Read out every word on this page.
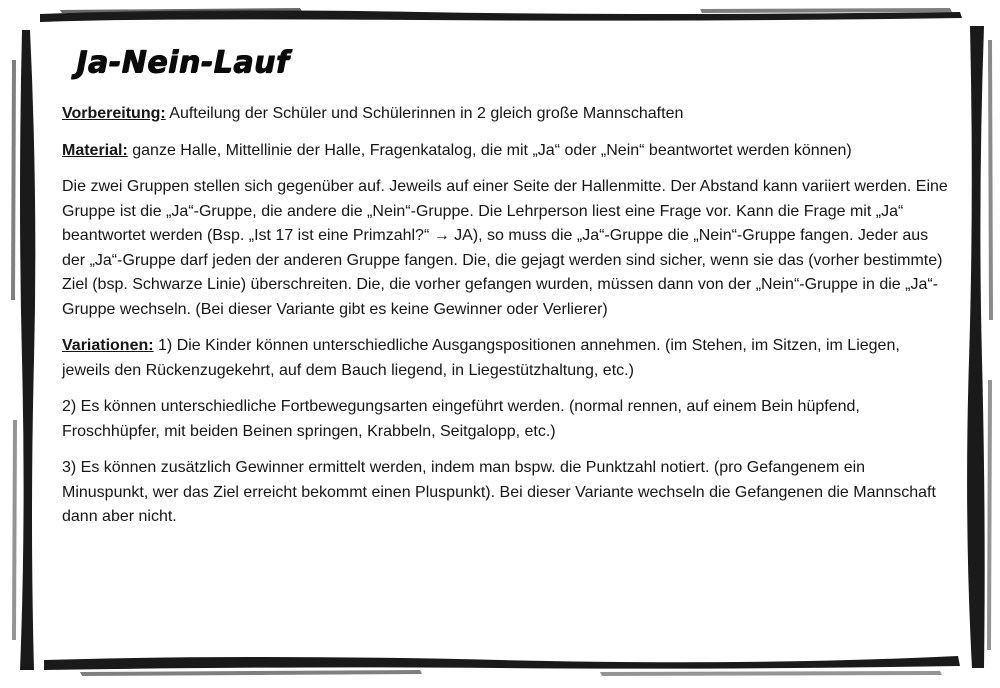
Ja-Nein-Lauf

Vorbereitung: Aufteilung der Schüler und Schülerinnen in 2 gleich große Mannschaften

Material: ganze Halle, Mittellinie der Halle, Fragenkatalog, die mit „Ja“ oder „Nein“ beantwortet werden können)

Die zwei Gruppen stellen sich gegenüber auf. Jeweils auf einer Seite der Hallenmitte. Der Abstand kann variiert werden. Eine Gruppe ist die „Ja“-Gruppe, die andere die „Nein“-Gruppe. Die Lehrperson liest eine Frage vor. Kann die Frage mit „Ja“ beantwortet werden (Bsp. „Ist 17 ist eine Primzahl?“ → JA), so muss die „Ja“-Gruppe die „Nein“-Gruppe fangen. Jeder aus der „Ja“-Gruppe darf jeden der anderen Gruppe fangen. Die, die gejagt werden sind sicher, wenn sie das (vorher bestimmte) Ziel (bsp. Schwarze Linie) überschreiten. Die, die vorher gefangen wurden, müssen dann von der „Nein“-Gruppe in die „Ja“-Gruppe wechseln. (Bei dieser Variante gibt es keine Gewinner oder Verlierer)

Variationen: 1) Die Kinder können unterschiedliche Ausgangspositionen annehmen. (im Stehen, im Sitzen, im Liegen, jeweils den Rückenzugekehrt, auf dem Bauch liegend, in Liegestützhaltung, etc.)

2) Es können unterschiedliche Fortbewegungsarten eingeführt werden. (normal rennen, auf einem Bein hüpfend, Froschhüpfer, mit beiden Beinen springen, Krabbeln, Seitgalopp, etc.)

3) Es können zusätzlich Gewinner ermittelt werden, indem man bspw. die Punktzahl notiert. (pro Gefangenem ein Minuspunkt, wer das Ziel erreicht bekommt einen Pluspunkt). Bei dieser Variante wechseln die Gefangenen die Mannschaft dann aber nicht.
